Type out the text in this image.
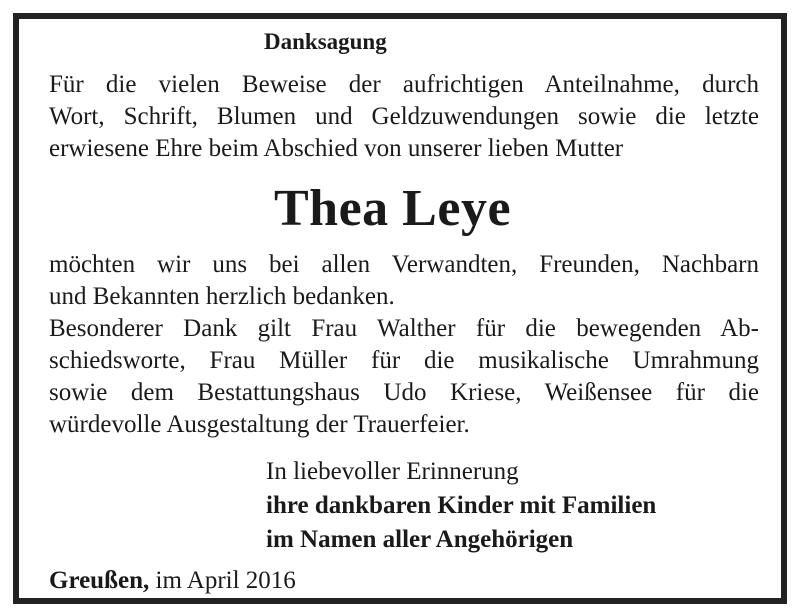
Danksagung
Für die vielen Beweise der aufrichtigen Anteilnahme, durch
Wort, Schrift, Blumen und Geldzuwendungen sowie die letzte
erwiesene Ehre beim Abschied von unserer lieben Mutter
Thea Leye
möchten wir uns bei allen Verwandten, Freunden, Nachbarn
und Bekannten herzlich bedanken.
Besonderer Dank gilt Frau Walther für die bewegenden Ab-
schiedsworte, Frau Müller für die musikalische Umrahmung
sowie dem Bestattungshaus Udo Kriese, Weißensee für die
würdevolle Ausgestaltung der Trauerfeier.
In liebevoller Erinnerung
ihre dankbaren Kinder mit Familien
im Namen aller Angehörigen
Greußen, im April 2016
